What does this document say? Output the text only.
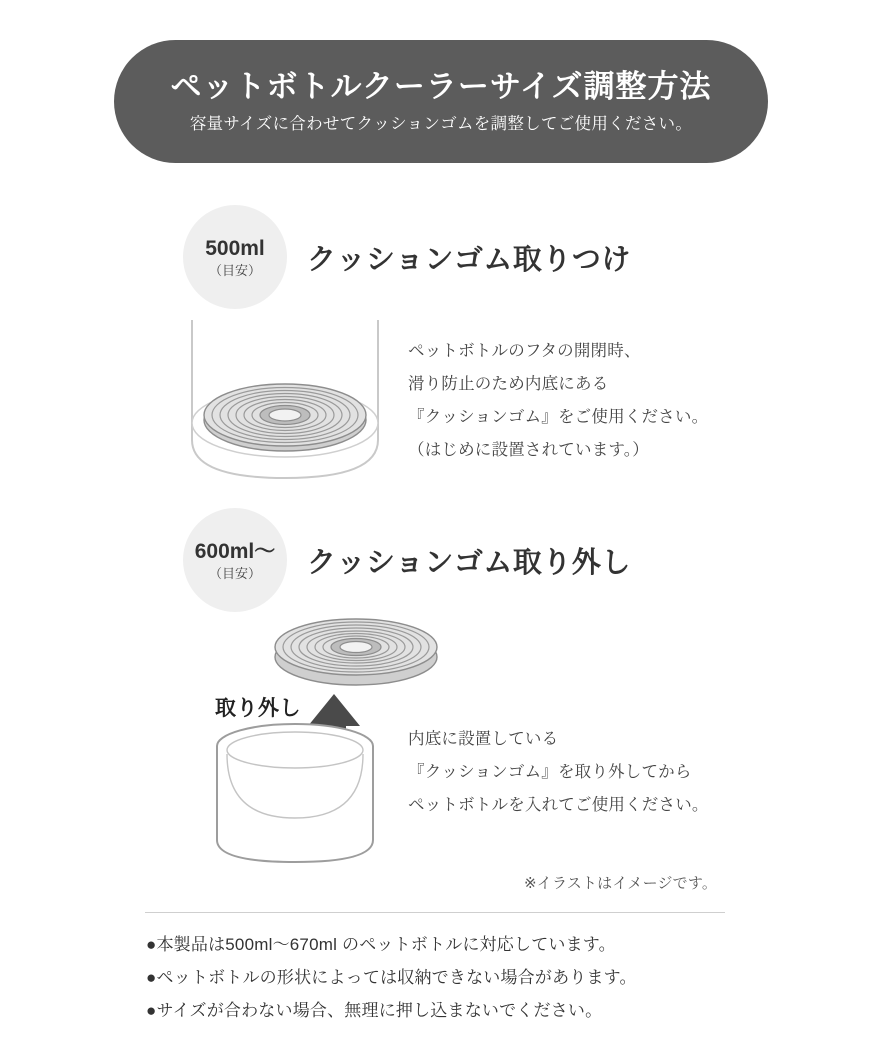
ペットボトルクーラーサイズ調整方法
容量サイズに合わせてクッションゴムを調整してご使用ください。
500ml
（目安） クッションゴム取りつけ
ペットボトルのフタの開閉時、
滑り防止のため内底にある
『クッションゴム』をご使用ください。
（はじめに設置されています。）
600ml〜
（目安） クッションゴム取り外し
取り外し
内底に設置している
『クッションゴム』を取り外してから
ペットボトルを入れてご使用ください。
※イラストはイメージです。
●本製品は500ml〜670ml のペットボトルに対応しています。
●ペットボトルの形状によっては収納できない場合があります。
●サイズが合わない場合、無理に押し込まないでください。
